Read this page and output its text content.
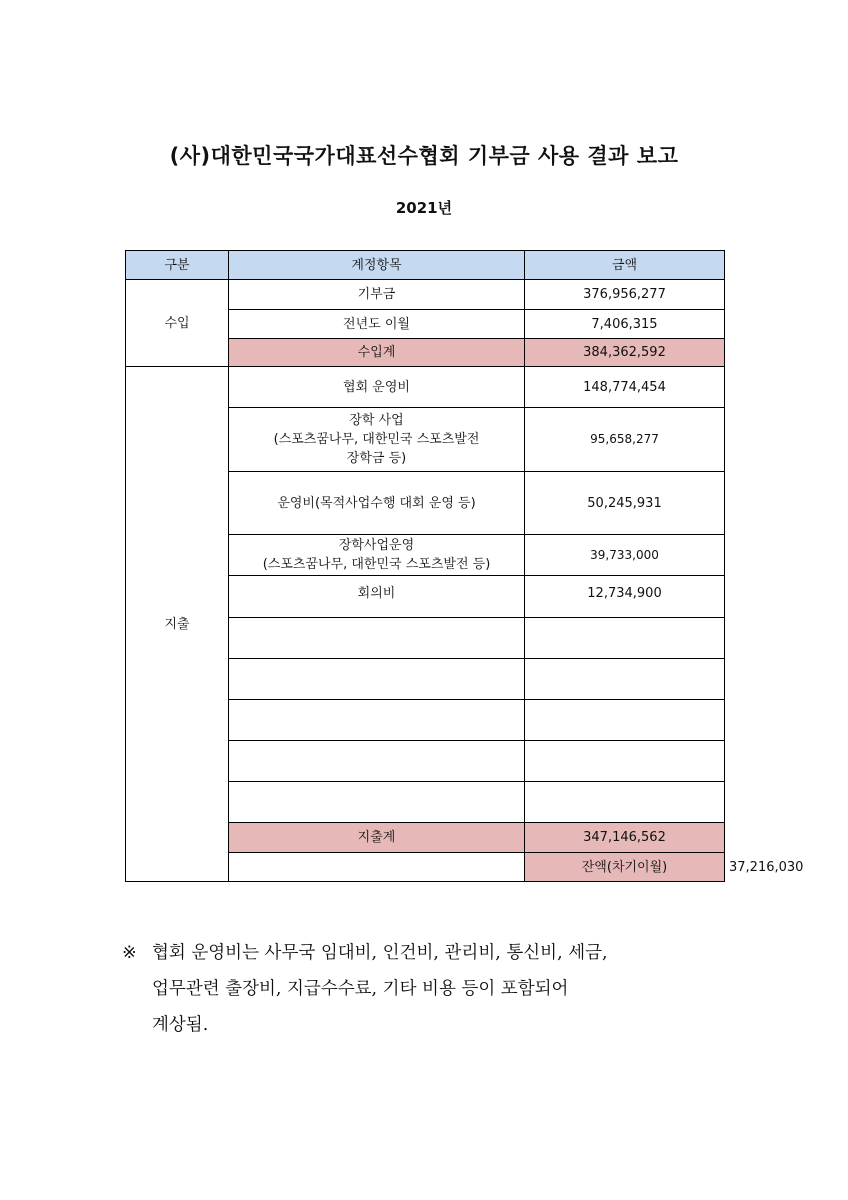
(사)대한민국국가대표선수협회 기부금 사용 결과 보고
2021년
구분	계정항목	금액	
수입	기부금	376,956,277	
	전년도 이월	7,406,315	
	수입계	384,362,592	
지출	협회 운영비	148,774,454	

	장학 사업
(스포츠꿈나무, 대한민국 스포츠발전
장학금 등)	95,658,277	

	운영비(목적사업수행 대회 운영 등)	50,245,931	

	장학사업운영
(스포츠꿈나무, 대한민국 스포츠발전 등)	39,733,000	

	회의비	12,734,900	

	지출계	347,146,562	
		잔액(차기이월)	37,216,030
※ 협회 운영비는 사무국 임대비, 인건비, 관리비, 통신비, 세금,
업무관련 출장비, 지급수수료, 기타 비용 등이 포함되어
계상됨.
